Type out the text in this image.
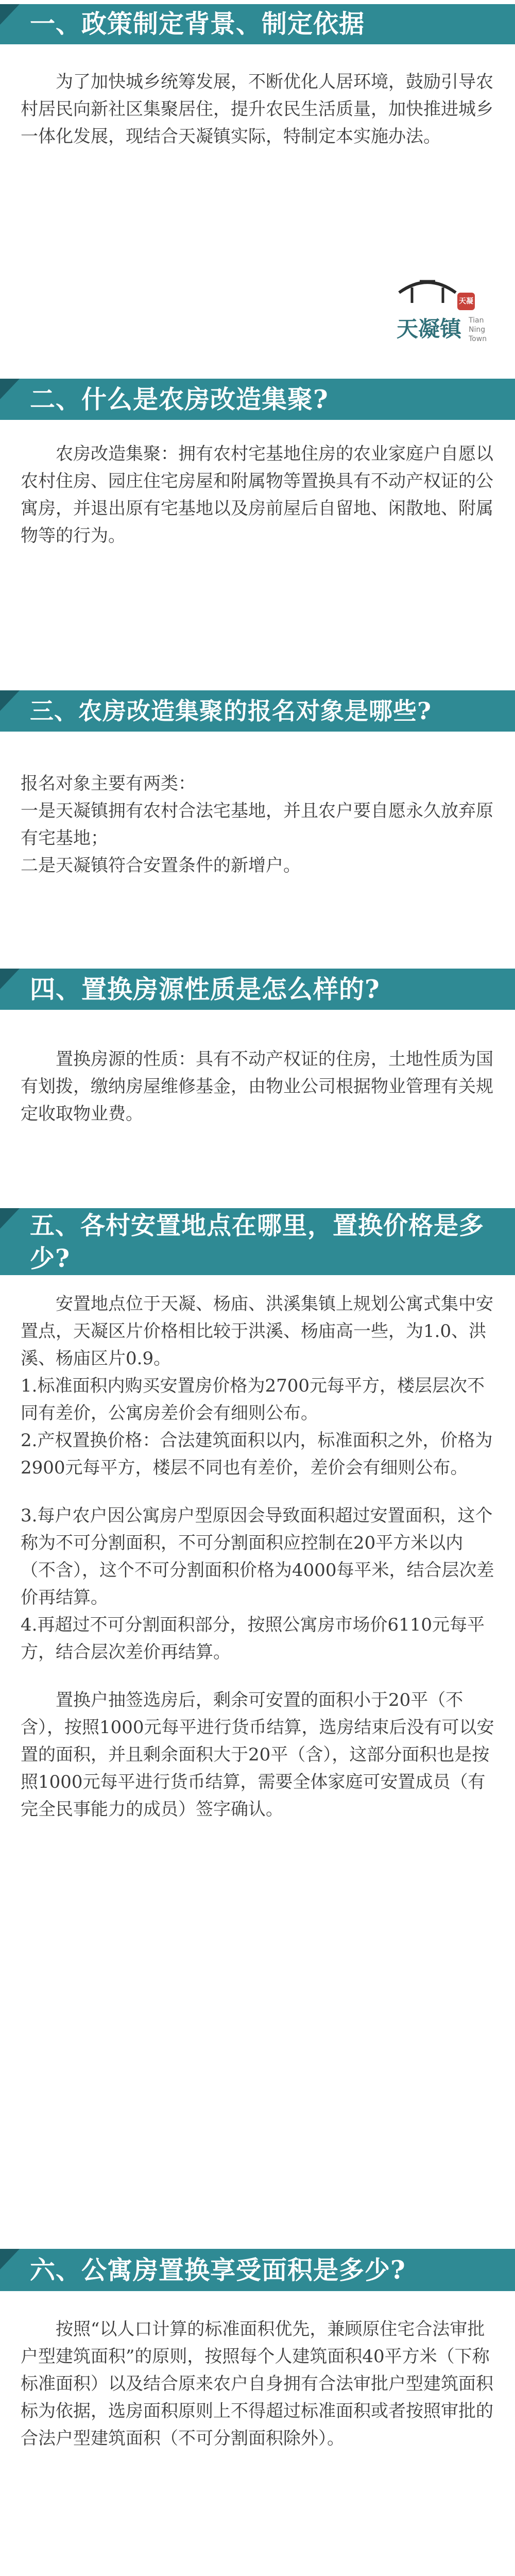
一、政策制定背景、制定依据
为了加快城乡统筹发展，不断优化人居环境，鼓励引导农村居民向新社区集聚居住，提升农民生活质量，加快推进城乡一体化发展，现结合天凝镇实际，特制定本实施办法。
天凝镇
天凝
Tian Ning
Town
二、什么是农房改造集聚?
农房改造集聚：拥有农村宅基地住房的农业家庭户自愿以农村住房、园庄住宅房屋和附属物等置换具有不动产权证的公寓房，并退出原有宅基地以及房前屋后自留地、闲散地、附属物等的行为。
三、农房改造集聚的报名对象是哪些?
报名对象主要有两类：
一是天凝镇拥有农村合法宅基地，并且农户要自愿永久放弃原有宅基地；
二是天凝镇符合安置条件的新增户。
四、置换房源性质是怎么样的?
置换房源的性质：具有不动产权证的住房，土地性质为国有划拨，缴纳房屋维修基金，由物业公司根据物业管理有关规定收取物业费。
五、各村安置地点在哪里，置换价格是多少?
安置地点位于天凝、杨庙、洪溪集镇上规划公寓式集中安置点，天凝区片价格相比较于洪溪、杨庙高一些，为1.0、洪溪、杨庙区片0.9。
1.标准面积内购买安置房价格为2700元每平方，楼层层次不同有差价，公寓房差价会有细则公布。
2.产权置换价格：合法建筑面积以内，标准面积之外，价格为2900元每平方，楼层不同也有差价，差价会有细则公布。
3.每户农户因公寓房户型原因会导致面积超过安置面积，这个称为不可分割面积，不可分割面积应控制在20平方米以内（不含），这个不可分割面积价格为4000每平米，结合层次差价再结算。
4.再超过不可分割面积部分，按照公寓房市场价6110元每平方，结合层次差价再结算。
置换户抽签选房后，剩余可安置的面积小于20平（不含），按照1000元每平进行货币结算，选房结束后没有可以安置的面积，并且剩余面积大于20平（含），这部分面积也是按照1000元每平进行货币结算，需要全体家庭可安置成员（有完全民事能力的成员）签字确认。
六、公寓房置换享受面积是多少?
按照“以人口计算的标准面积优先，兼顾原住宅合法审批户型建筑面积”的原则，按照每个人建筑面积40平方米（下称标准面积）以及结合原来农户自身拥有合法审批户型建筑面积标为依据，选房面积原则上不得超过标准面积或者按照审批的合法户型建筑面积（不可分割面积除外）。
